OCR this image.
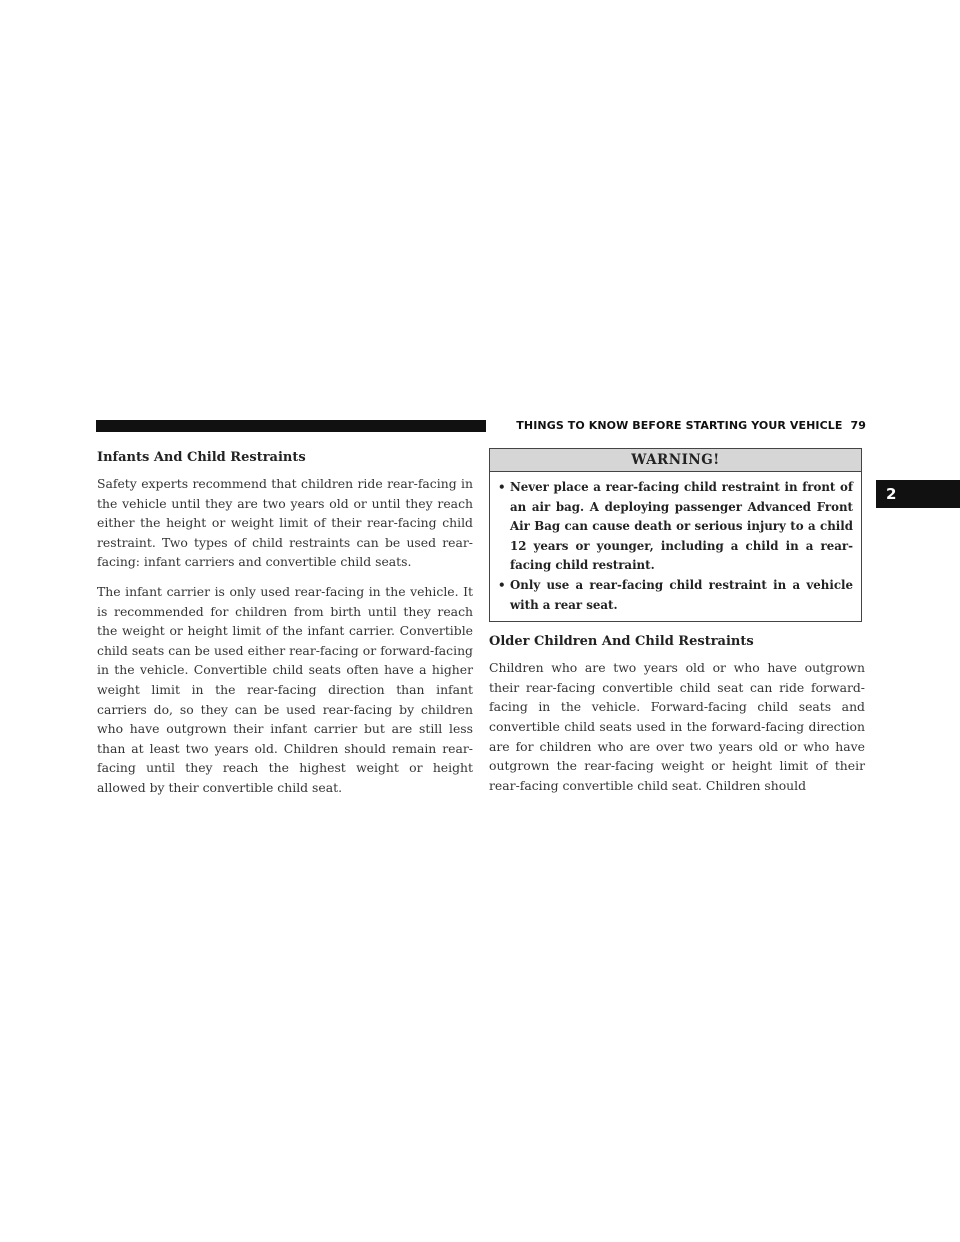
THINGS TO KNOW BEFORE STARTING YOUR VEHICLE 79
2
Infants And Child Restraints

Safety experts recommend that children ride rear-facing in the vehicle until they are two years old or until they reach either the height or weight limit of their rear-facing child restraint. Two types of child restraints can be used rear-facing: infant carriers and convertible child seats.

The infant carrier is only used rear-facing in the vehicle. It is recommended for children from birth until they reach the weight or height limit of the infant carrier. Convertible child seats can be used either rear-facing or forward-facing in the vehicle. Convertible child seats often have a higher weight limit in the rear-facing direction than infant carriers do, so they can be used rear-facing by children who have outgrown their infant carrier but are still less than at least two years old. Children should remain rear-facing until they reach the highest weight or height allowed by their convertible child seat.

WARNING!
• Never place a rear-facing child restraint in front of an air bag. A deploying passenger Advanced Front Air Bag can cause death or serious injury to a child 12 years or younger, including a child in a rear-facing child restraint.
• Only use a rear-facing child restraint in a vehicle with a rear seat.
Older Children And Child Restraints

Children who are two years old or who have outgrown their rear-facing convertible child seat can ride forward-facing in the vehicle. Forward-facing child seats and convertible child seats used in the forward-facing direction are for children who are over two years old or who have outgrown the rear-facing weight or height limit of their rear-facing convertible child seat. Children should
